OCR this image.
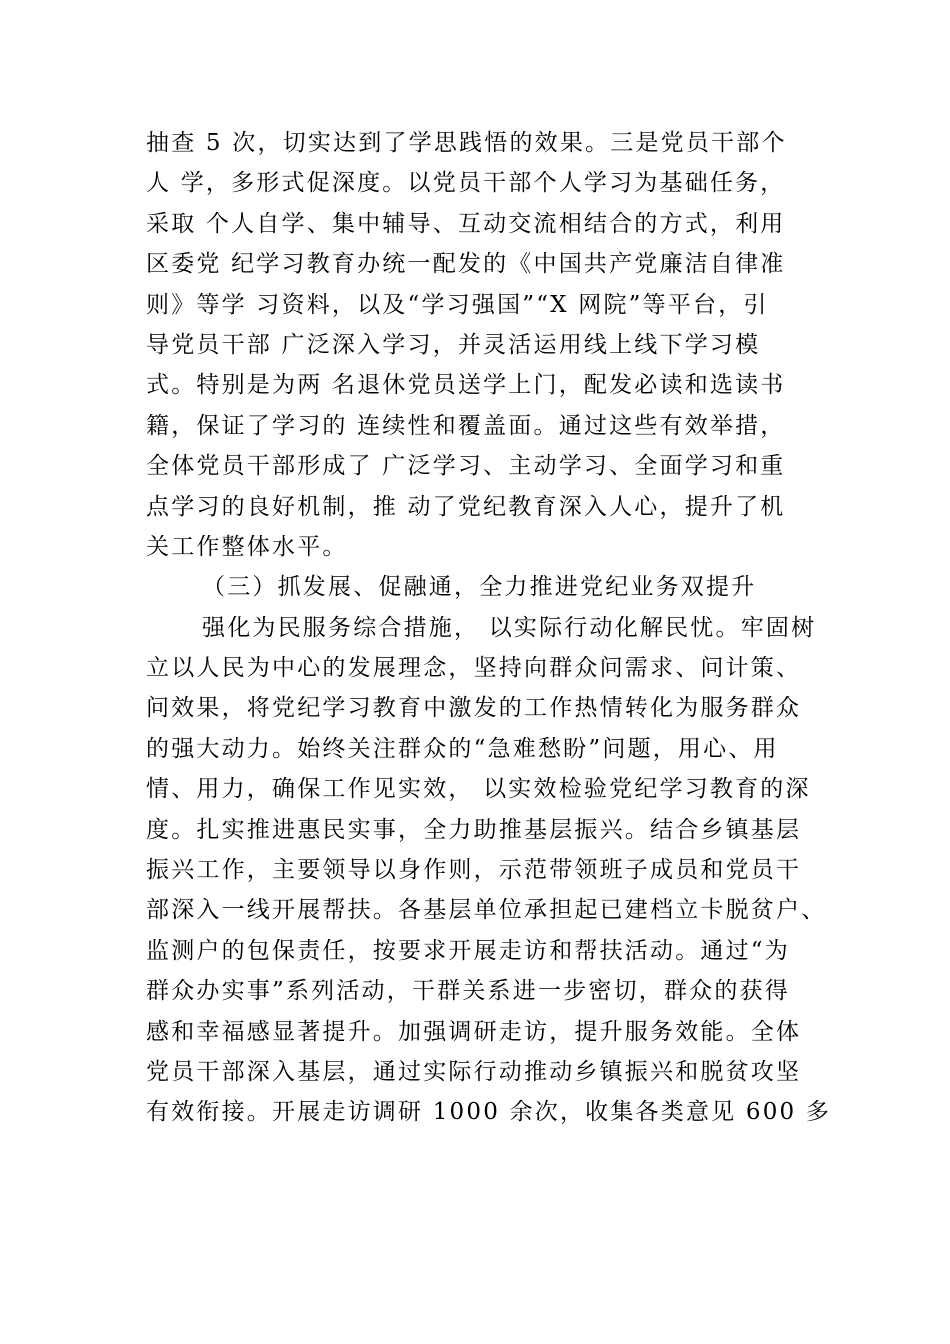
抽查 5 次，切实达到了学思践悟的效果。三是党员干部个
人 学，多形式促深度。以党员干部个人学习为基础任务，
采取 个人自学、集中辅导、互动交流相结合的方式，利用
区委党 纪学习教育办统一配发的《中国共产党廉洁自律准
则》等学 习资料，以及“学习强国”“X 网院”等平台，引
导党员干部 广泛深入学习，并灵活运用线上线下学习模
式。特别是为两 名退休党员送学上门，配发必读和选读书
籍，保证了学习的 连续性和覆盖面。通过这些有效举措，
全体党员干部形成了 广泛学习、主动学习、全面学习和重
点学习的良好机制，推 动了党纪教育深入人心，提升了机
关工作整体水平。
（三）抓发展、促融通，全力推进党纪业务双提升
强化为民服务综合措施， 以实际行动化解民忧。牢固树
立以人民为中心的发展理念，坚持向群众问需求、问计策、
问效果，将党纪学习教育中激发的工作热情转化为服务群众
的强大动力。始终关注群众的“急难愁盼”问题，用心、用
情、用力，确保工作见实效， 以实效检验党纪学习教育的深
度。扎实推进惠民实事，全力助推基层振兴。结合乡镇基层
振兴工作，主要领导以身作则，示范带领班子成员和党员干
部深入一线开展帮扶。各基层单位承担起已建档立卡脱贫户、
监测户的包保责任，按要求开展走访和帮扶活动。通过“为
群众办实事”系列活动，干群关系进一步密切，群众的获得
感和幸福感显著提升。加强调研走访，提升服务效能。全体
党员干部深入基层，通过实际行动推动乡镇振兴和脱贫攻坚
有效衔接。开展走访调研 1000 余次，收集各类意见 600 多
